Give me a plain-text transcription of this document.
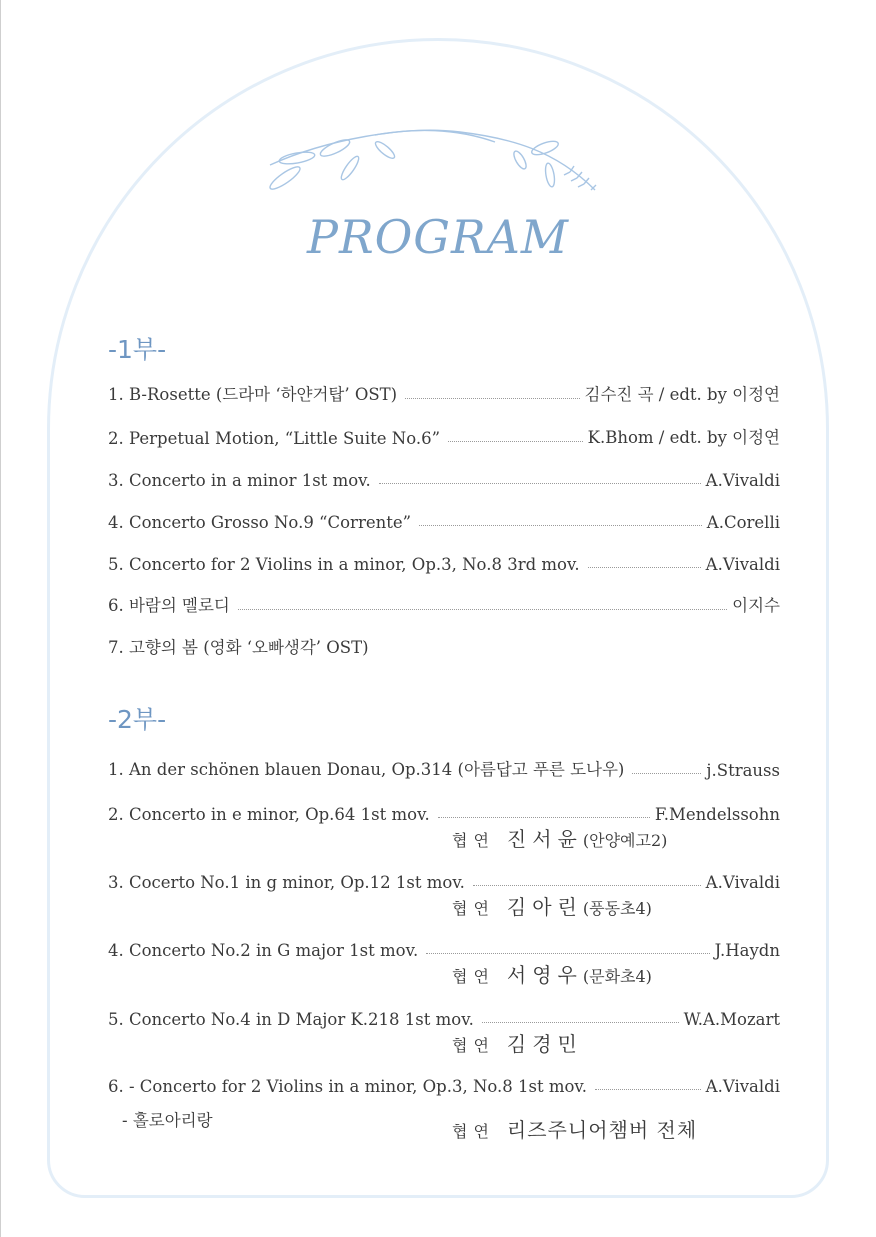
PROGRAM
-1부-
1. B-Rosette (드라마 ‘하얀거탑’ OST)	김수진 곡 / edt. by 이정연
2. Perpetual Motion, “Little Suite No.6”	K.Bhom / edt. by 이정연
3. Concerto in a minor 1st mov.	A.Vivaldi
4. Concerto Grosso No.9 “Corrente”	A.Corelli
5. Concerto for 2 Violins in a minor, Op.3, No.8 3rd mov.	A.Vivaldi
6. 바람의 멜로디	이지수
7. 고향의 봄 (영화 ‘오빠생각’ OST)
-2부-
1. An der schönen blauen Donau, Op.314 (아름답고 푸른 도나우)	j.Strauss
2. Concerto in e minor, Op.64 1st mov.	F.Mendelssohn
협연 진서윤(안양예고2)
3. Cocerto No.1 in g minor, Op.12 1st mov.	A.Vivaldi
협연 김아린(풍동초4)
4. Concerto No.2 in G major 1st mov.	J.Haydn
협연 서영우(문화초4)
5. Concerto No.4 in D Major K.218 1st mov.	W.A.Mozart
협연 김경민
6. - Concerto for 2 Violins in a minor, Op.3, No.8 1st mov.	A.Vivaldi
- 홀로아리랑
협연 리즈주니어챔버 전체
